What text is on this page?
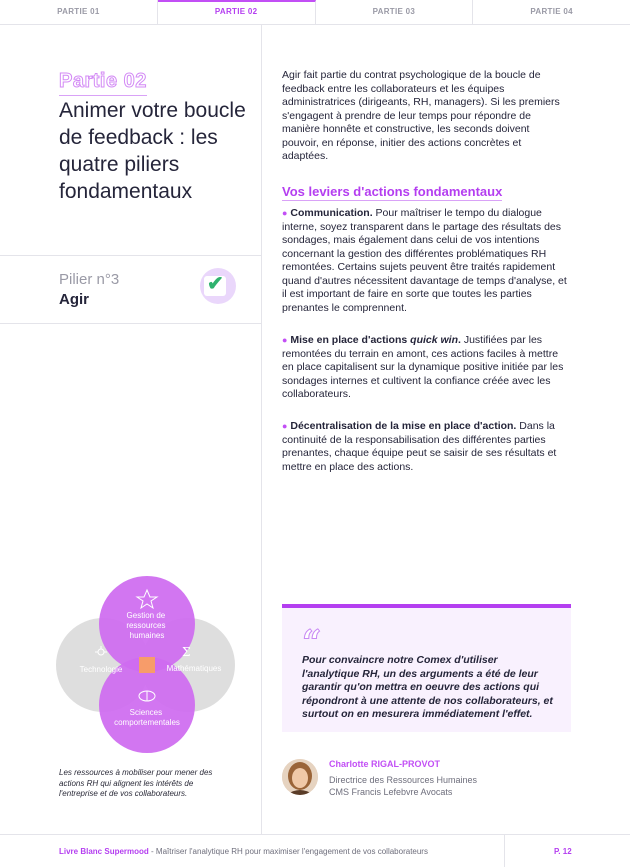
PARTIE 01	PARTIE 02	PARTIE 03	PARTIE 04
Partie 02
Animer votre boucle de feedback : les quatre piliers fondamentaux
Pilier n°3
Agir
✔
Σ
Gestion de ressources humaines
Technologie	Mathématiques
Sciences comportementales
Les ressources à mobiliser pour mener des actions RH qui alignent les intérêts de l'entreprise et de vos collaborateurs.
Agir fait partie du contrat psychologique de la boucle de feedback entre les collaborateurs et les équipes administratrices (dirigeants, RH, managers). Si les premiers s'engagent à prendre de leur temps pour répondre de manière honnête et constructive, les seconds doivent pouvoir, en réponse, initier des actions concrètes et adaptées.
Vos leviers d'actions fondamentaux
● Communication. Pour maîtriser le tempo du dialogue interne, soyez transparent dans le partage des résultats des sondages, mais également dans celui de vos intentions concernant la gestion des différentes problématiques RH remontées. Certains sujets peuvent être traités rapidement quand d'autres nécessitent davantage de temps d'analyse, et il est important de faire en sorte que toutes les parties prenantes le comprennent.
● Mise en place d'actions quick win. Justifiées par les remontées du terrain en amont, ces actions faciles à mettre en place capitalisent sur la dynamique positive initiée par les sondages internes et cultivent la confiance créée avec les collaborateurs.
● Décentralisation de la mise en place d'action. Dans la continuité de la responsabilisation des différentes parties prenantes, chaque équipe peut se saisir de ses résultats et mettre en place des actions.
“
Pour convaincre notre Comex d'utiliser l'analytique RH, un des arguments a été de leur garantir qu'on mettra en oeuvre des actions qui répondront à une attente de nos collaborateurs, et surtout on en mesurera immédiatement l'effet.
Charlotte RIGAL-PROVOT
Directrice des Ressources Humaines
CMS Francis Lefebvre Avocats
Livre Blanc Supermood - Maîtriser l'analytique RH pour maximiser l'engagement de vos collaborateurs	P. 12
